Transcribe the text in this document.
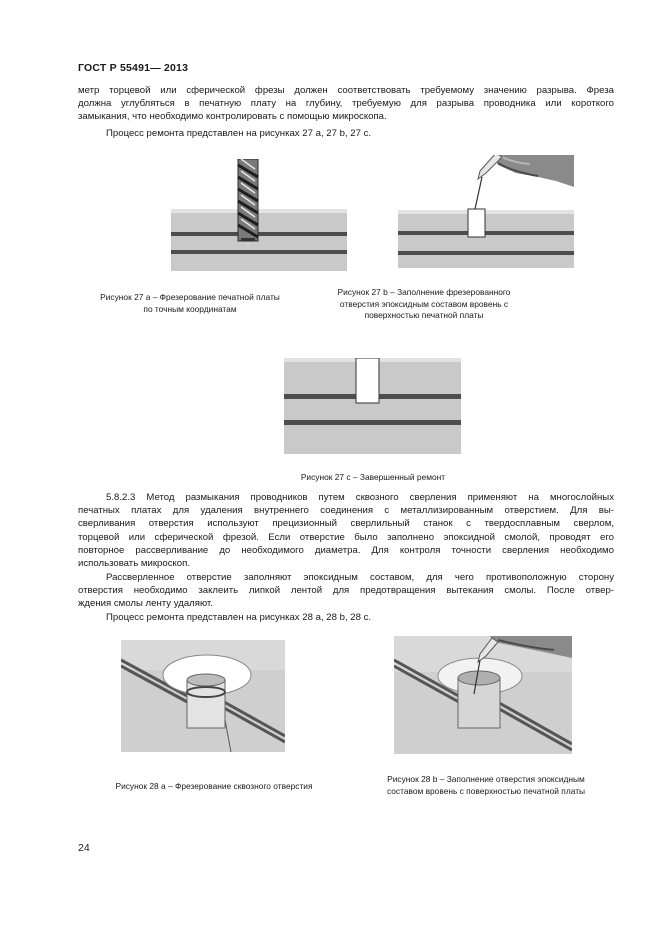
ГОСТ Р 55491— 2013
метр торцевой или сферической фрезы должен соответствовать требуемому значению разрыва. Фреза
должна углубляться в печатную плату на глубину, требуемую для разрыва проводника или короткого
замыкания, что необходимо контролировать с помощью микроскопа.
Процесс ремонта представлен на рисунках 27 а, 27 b, 27 с.
Рисунок 27 а – Фрезерование печатной платы
по точным координатам
Рисунок 27 b – Заполнение фрезерованного
отверстия эпоксидным составом вровень с
поверхностью печатной платы
Рисунок 27 с – Завершенный ремонт
5.8.2.3 Метод размыкания проводников путем сквозного сверления применяют на многослойных
печатных платах для удаления внутреннего соединения с металлизированным отверстием. Для вы-
сверливания отверстия используют прецизионный сверлильный станок с твердосплавным сверлом,
торцевой или сферической фрезой. Если отверстие было заполнено эпоксидной смолой, проводят его
повторное рассверливание до необходимого диаметра. Для контроля точности сверления необходимо
использовать микроскоп.
Рассверленное отверстие заполняют эпоксидным составом, для чего противоположную сторону
отверстия необходимо заклеить липкой лентой для предотвращения вытекания смолы. После отвер-
ждения смолы ленту удаляют.
Процесс ремонта представлен на рисунках 28 а, 28 b, 28 с.
Рисунок 28 а – Фрезерование сквозного отверстия
Рисунок 28 b – Заполнение отверстия эпоксидным
составом вровень с поверхностью печатной платы
24
